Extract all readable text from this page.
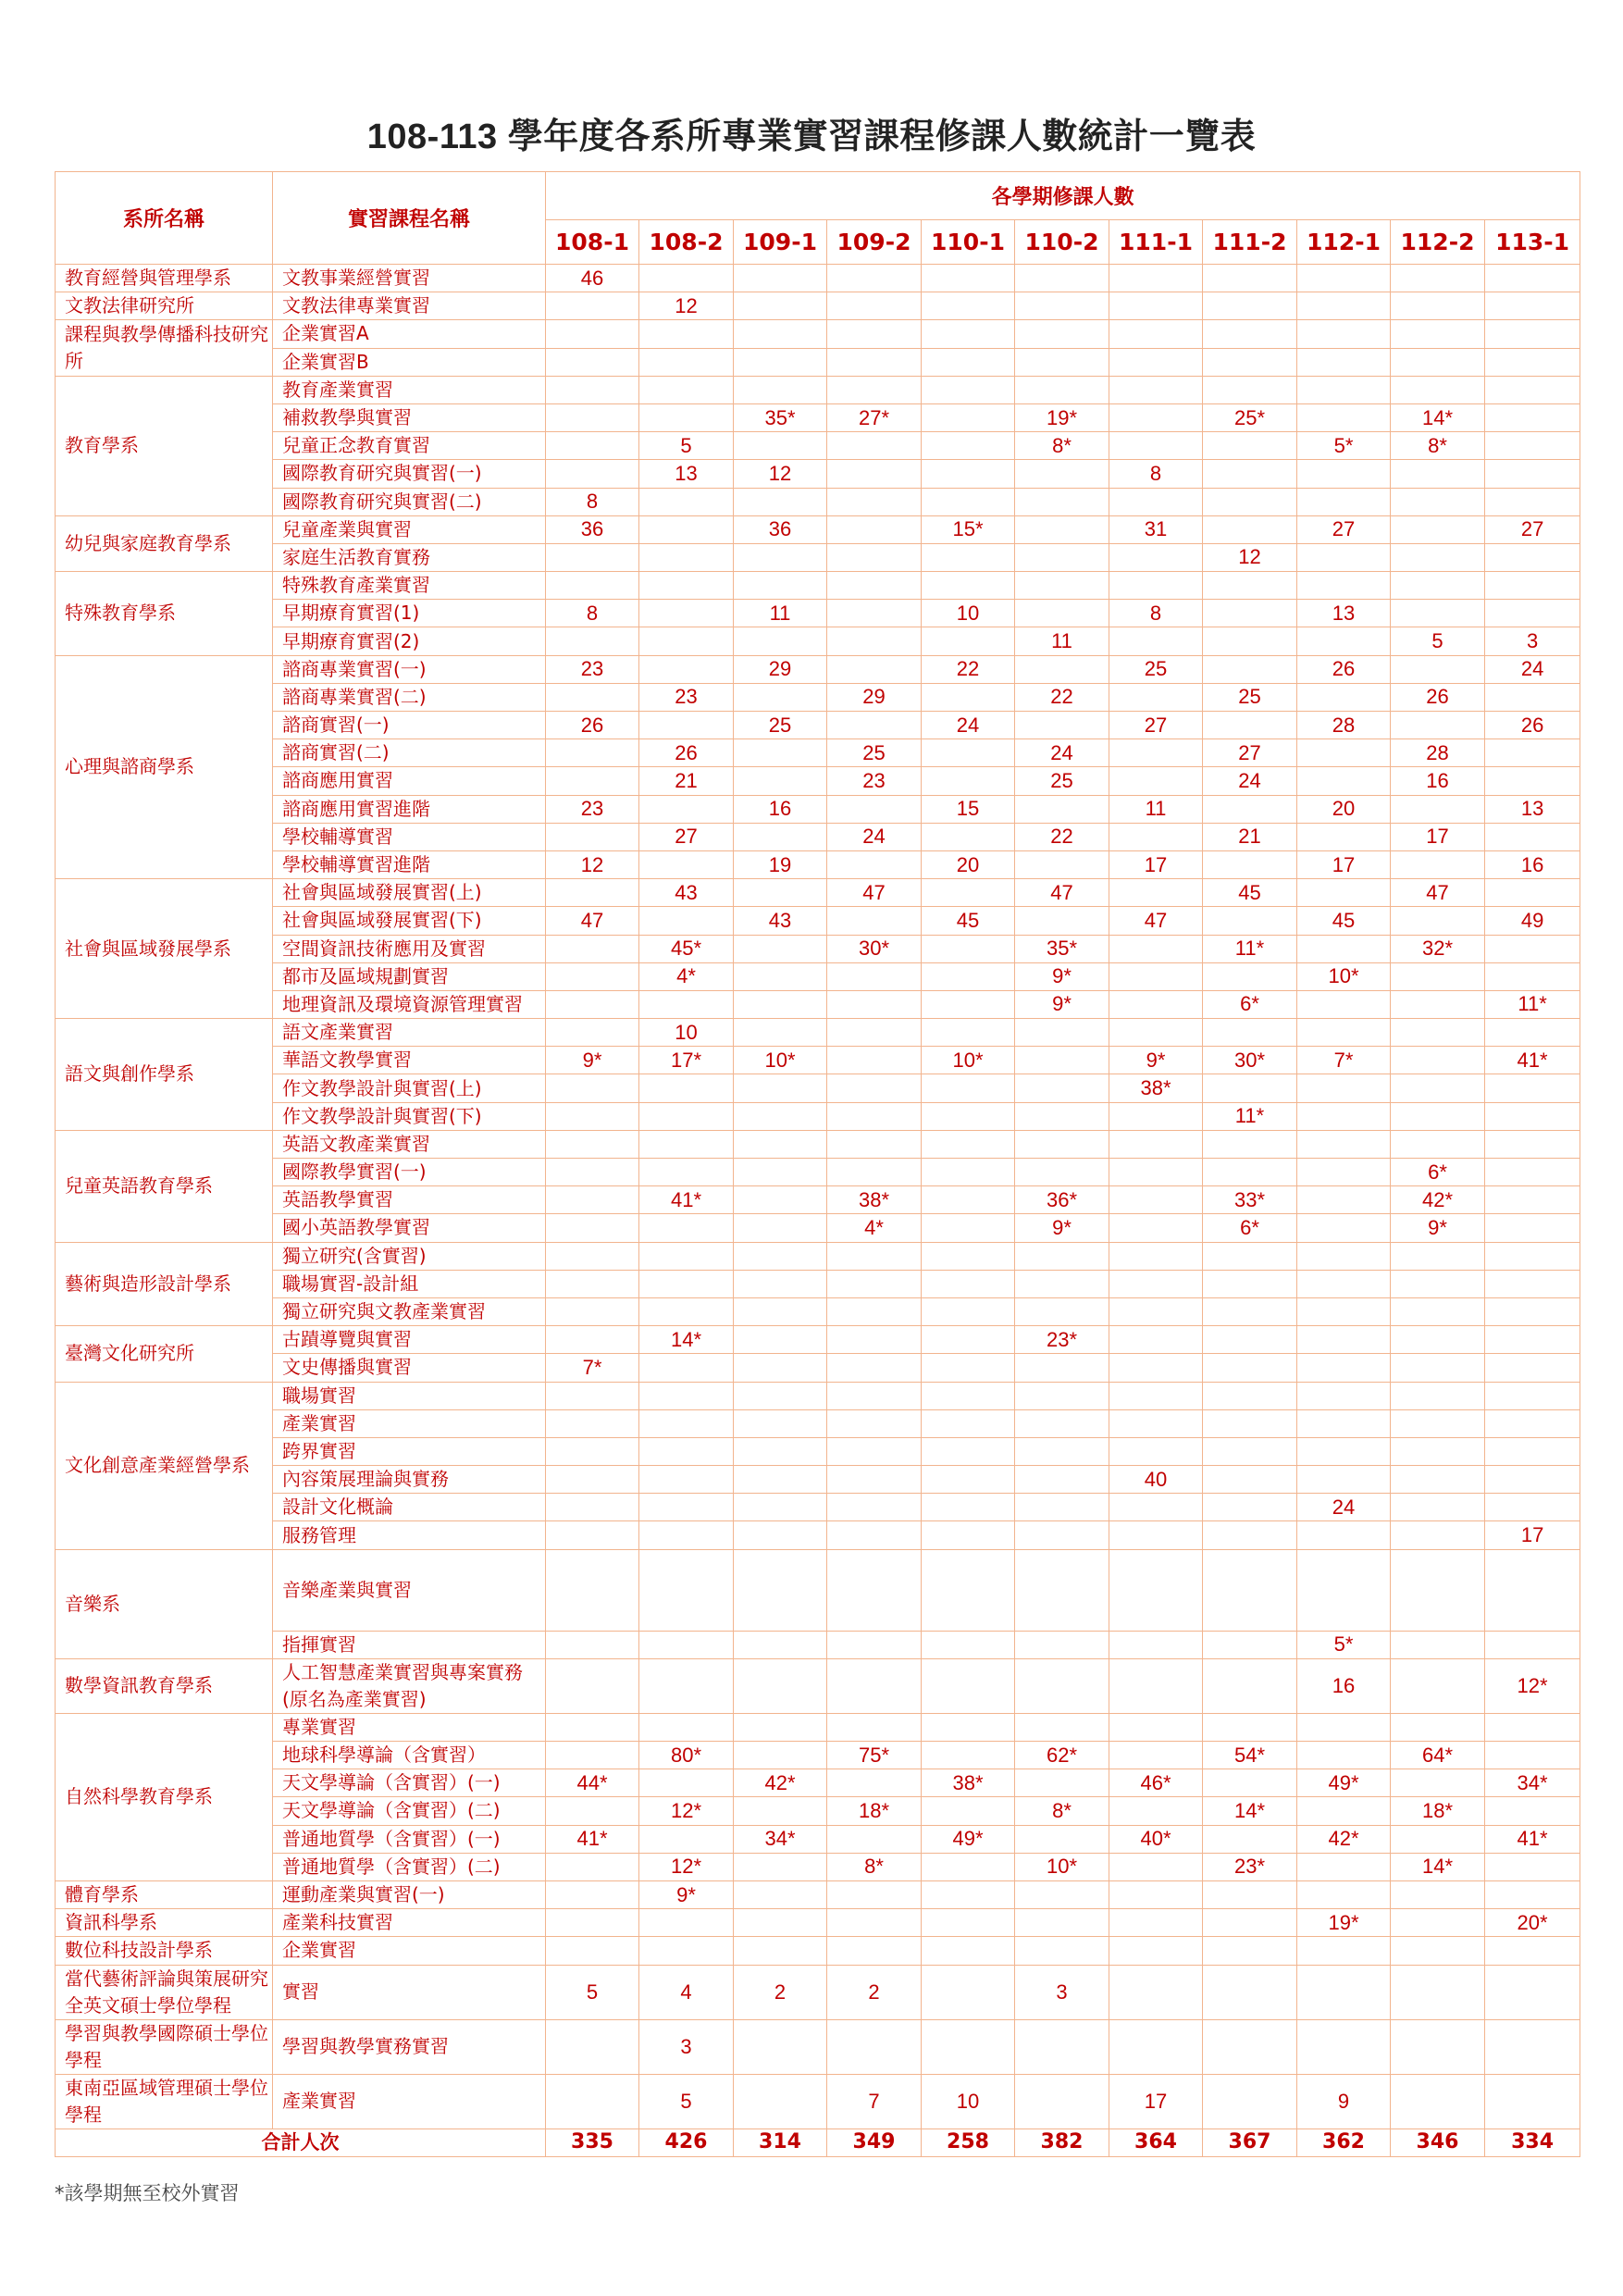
108-113 學年度各系所專業實習課程修課人數統計一覽表
系所名稱	實習課程名稱	各學期修課人數										
		108-1	108-2	109-1	109-2	110-1	110-2	111-1	111-2	112-1	112-2	113-1
教育經營與管理學系	文教事業經營實習	46										
文教法律研究所	文教法律專業實習		12									
課程與教學傳播科技研究所	企業實習A											
	企業實習B											
教育學系	教育產業實習											
	補救教學與實習			35*	27*		19*		25*		14*	
	兒童正念教育實習		5				8*			5*	8*	
	國際教育研究與實習(一)		13	12				8				
	國際教育研究與實習(二)	8										
幼兒與家庭教育學系	兒童產業與實習	36		36		15*		31		27		27
	家庭生活教育實務								12			
特殊教育學系	特殊教育產業實習											
	早期療育實習(1)	8		11		10		8		13		
	早期療育實習(2)						11				5	3
心理與諮商學系	諮商專業實習(一)	23		29		22		25		26		24
	諮商專業實習(二)		23		29		22		25		26	
	諮商實習(一)	26		25		24		27		28		26
	諮商實習(二)		26		25		24		27		28	
	諮商應用實習		21		23		25		24		16	
	諮商應用實習進階	23		16		15		11		20		13
	學校輔導實習		27		24		22		21		17	
	學校輔導實習進階	12		19		20		17		17		16
社會與區域發展學系	社會與區域發展實習(上)		43		47		47		45		47	
	社會與區域發展實習(下)	47		43		45		47		45		49
	空間資訊技術應用及實習		45*		30*		35*		11*		32*	
	都市及區域規劃實習		4*				9*			10*		
	地理資訊及環境資源管理實習						9*		6*			11*
語文與創作學系	語文產業實習		10									
	華語文教學實習	9*	17*	10*		10*		9*	30*	7*		41*
	作文教學設計與實習(上)							38*				
	作文教學設計與實習(下)								11*			
兒童英語教育學系	英語文教產業實習											
	國際教學實習(一)										6*	
	英語教學實習		41*		38*		36*		33*		42*	
	國小英語教學實習				4*		9*		6*		9*	
藝術與造形設計學系	獨立研究(含實習)											
	職場實習-設計組											
	獨立研究與文教產業實習											
臺灣文化研究所	古蹟導覽與實習		14*				23*					
	文史傳播與實習	7*										
文化創意產業經營學系	職場實習											
	產業實習											
	跨界實習											
	內容策展理論與實務							40				
	設計文化概論									24		
	服務管理											17
音樂系	音樂產業與實習											
	指揮實習									5*		
數學資訊教育學系	人工智慧產業實習與專案實務(原名為產業實習)									16		12*
自然科學教育學系	專業實習											
	地球科學導論（含實習）		80*		75*		62*		54*		64*	
	天文學導論（含實習）(一)	44*		42*		38*		46*		49*		34*
	天文學導論（含實習）(二)		12*		18*		8*		14*		18*	
	普通地質學（含實習）(一)	41*		34*		49*		40*		42*		41*
	普通地質學（含實習）(二)		12*		8*		10*		23*		14*	
體育學系	運動產業與實習(一)		9*									
資訊科學系	產業科技實習									19*		20*
數位科技設計學系	企業實習											
當代藝術評論與策展研究全英文碩士學位學程	實習	5	4	2	2		3					
學習與教學國際碩士學位學程	學習與教學實務實習		3									
東南亞區域管理碩士學位學程	產業實習		5		7	10		17		9		
合計人次		335	426	314	349	258	382	364	367	362	346	334
*該學期無至校外實習
